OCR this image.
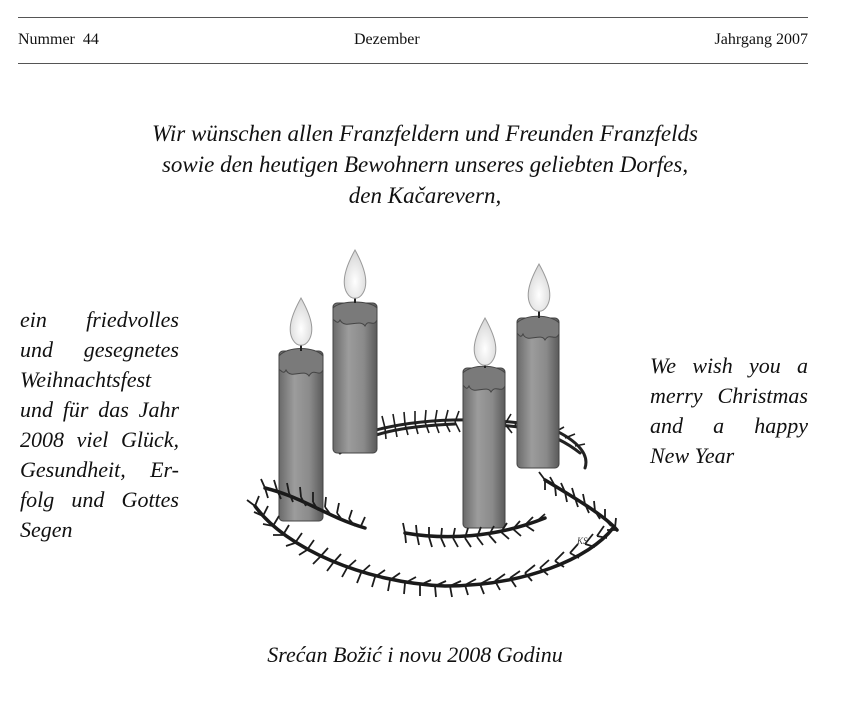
Nummer  44	Dezember	Jahrgang 2007
Wir wünschen allen Franzfeldern und Freunden Franzfelds
sowie den heutigen Bewohnern unseres geliebten Dorfes,
den Kačarevern,
ein friedvolles
und gesegnetes
Weihnachtsfest
und für das Jahr
2008 viel Glück,
Gesundheit, Er-
folg und Gottes
Segen
We wish you a
merry Christmas
and a happy
New Year
KS
Srećan Božić i novu 2008 Godinu
